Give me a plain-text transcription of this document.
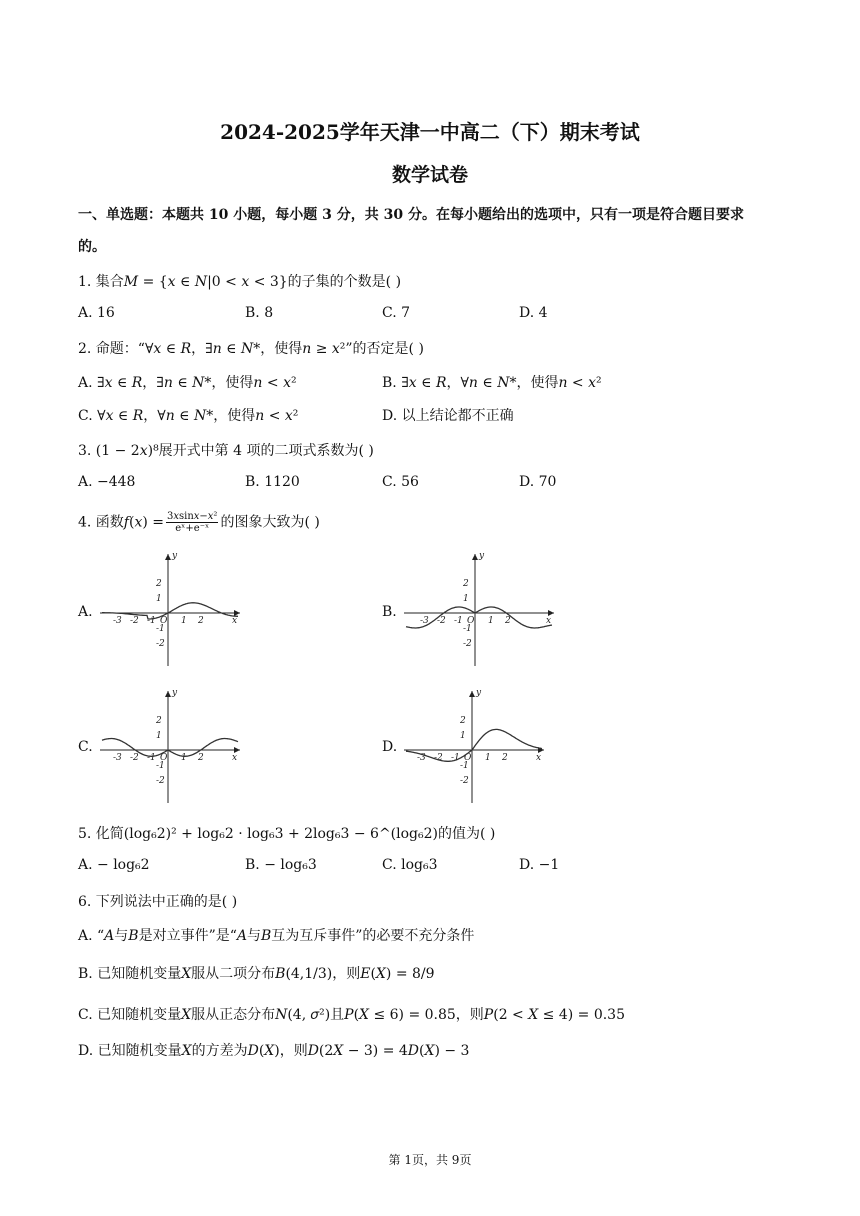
2024-2025学年天津一中高二（下）期末考试
数学试卷
一、单选题：本题共 10 小题，每小题 3 分，共 30 分。在每小题给出的选项中，只有一项是符合题目要求
的。
1. 集合𝑀 = {𝑥 ∈ 𝑁|0 < 𝑥 < 3}的子集的个数是( )
A. 16	B. 8	C. 7	D. 4
2. 命题：“∀𝑥 ∈ 𝑅，∃𝑛 ∈ 𝑁*，使得𝑛 ≥ 𝑥²”的否定是( )
A. ∃𝑥 ∈ 𝑅，∃𝑛 ∈ 𝑁*，使得𝑛 < 𝑥²	B. ∃𝑥 ∈ 𝑅，∀𝑛 ∈ 𝑁*，使得𝑛 < 𝑥²
C. ∀𝑥 ∈ 𝑅，∀𝑛 ∈ 𝑁*，使得𝑛 < 𝑥²	D. 以上结论都不正确
3. (1 − 2𝑥)⁸展开式中第 4 项的二项式系数为( )
A. −448	B. 1120	C. 56	D. 70
4. 函数𝑓(𝑥) = $\frac{\text{3𝑥sin𝑥−𝑥²}}{\text{eˣ+e⁻ˣ}}$ 的图象大致为( )
A.	B.
C.	D.
y
x
O
-3 -2 -1	1 2
2
1
-1
-2
y
x
O
-3 -2 -1	1 2
2
1
-1
-2
y
x
O
-3 -2 -1	1 2
2
1
-1
-2
y
x
O
-3 -2 -1	1 2
2
1
-1
-2
5. 化简(log₆2)² + log₆2 · log₆3 + 2log₆3 − 6^(log₆2)的值为( )
A. − log₆2	B. − log₆3	C. log₆3	D. −1
6. 下列说法中正确的是( )
A. “𝐴与𝐵是对立事件”是“𝐴与𝐵互为互斥事件”的必要不充分条件
B. 已知随机变量𝑋服从二项分布𝐵(4,1/3)，则𝐸(𝑋) = 8/9
C. 已知随机变量𝑋服从正态分布𝑁(4, 𝜎²)且𝑃(𝑋 ≤ 6) = 0.85，则𝑃(2 < 𝑋 ≤ 4) = 0.35
D. 已知随机变量𝑋的方差为𝐷(𝑋)，则𝐷(2𝑋 − 3) = 4𝐷(𝑋) − 3
第 1页，共 9页
